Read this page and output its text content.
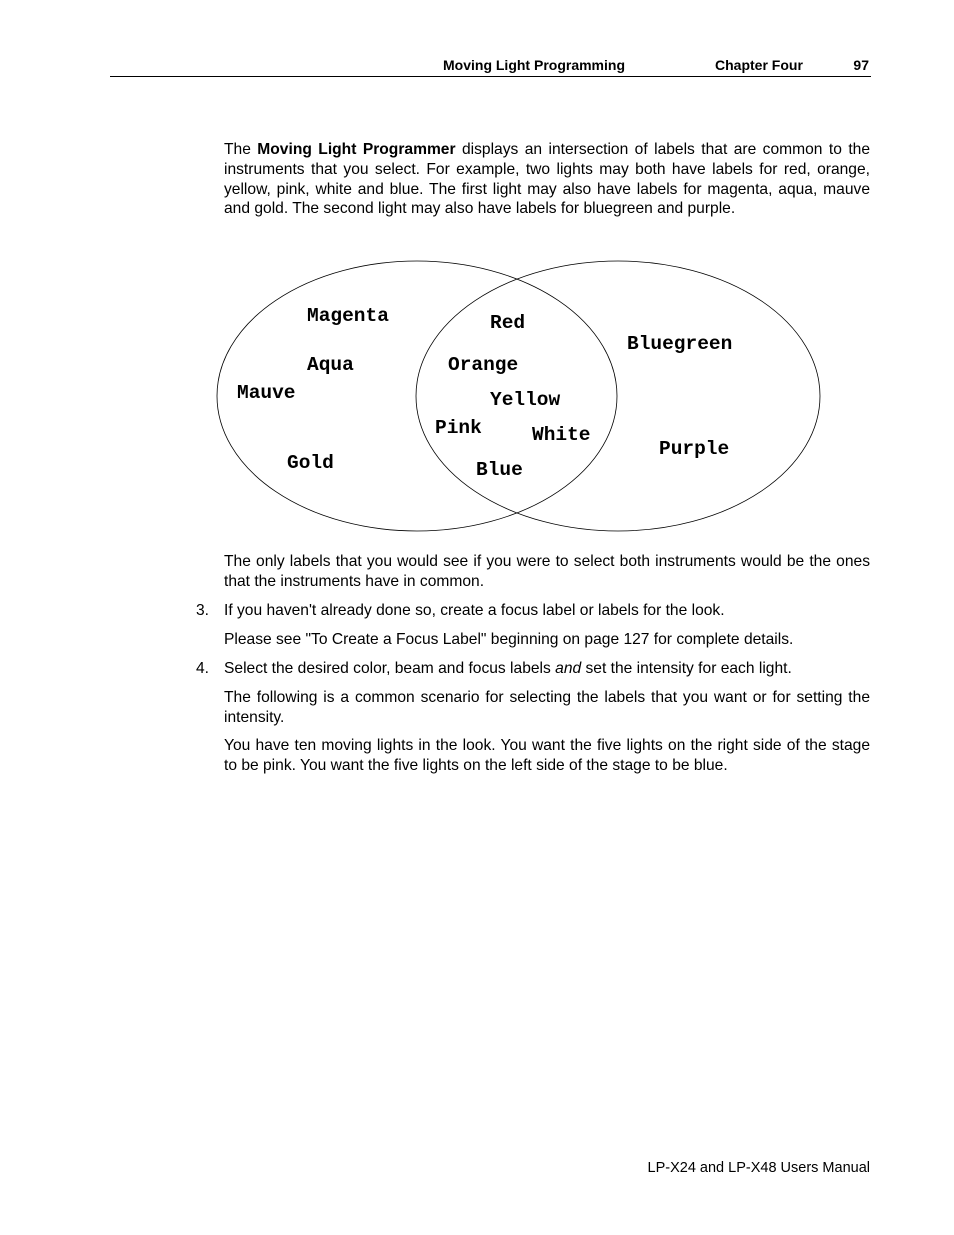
Moving Light Programming	Chapter Four	97

The Moving Light Programmer displays an intersection of labels that are common to the instruments that you select. For example, two lights may both have labels for red, orange, yellow, pink, white and blue. The first light may also have labels for magenta, aqua, mauve and gold. The second light may also have labels for bluegreen and purple.

Magenta
Aqua
Mauve
Gold
Red
Orange
Yellow
Pink	White
Blue
Bluegreen
Purple

The only labels that you would see if you were to select both instruments would be the ones that the instruments have in common.

3. If you haven't already done so, create a focus label or labels for the look.

Please see "To Create a Focus Label" beginning on page 127 for complete details.

4. Select the desired color, beam and focus labels and set the intensity for each light.

The following is a common scenario for selecting the labels that you want or for setting the intensity.

You have ten moving lights in the look. You want the five lights on the right side of the stage to be pink. You want the five lights on the left side of the stage to be blue.

LP-X24 and LP-X48 Users Manual
